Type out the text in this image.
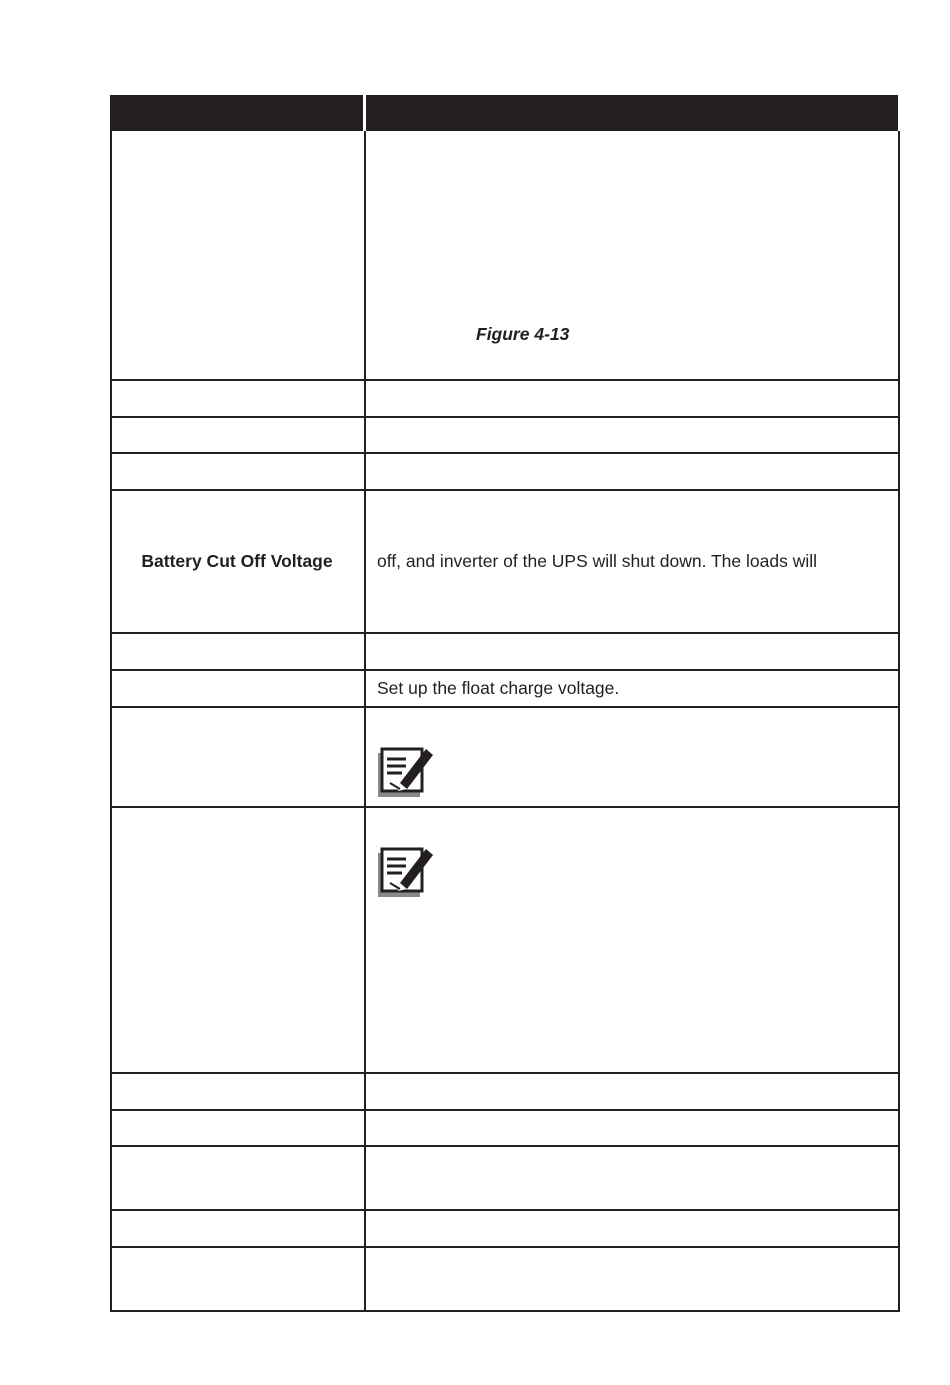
Figure 4-13
Battery Cut Off Voltage	off, and inverter of the UPS will shut down. The loads will
Set up the float charge voltage.
